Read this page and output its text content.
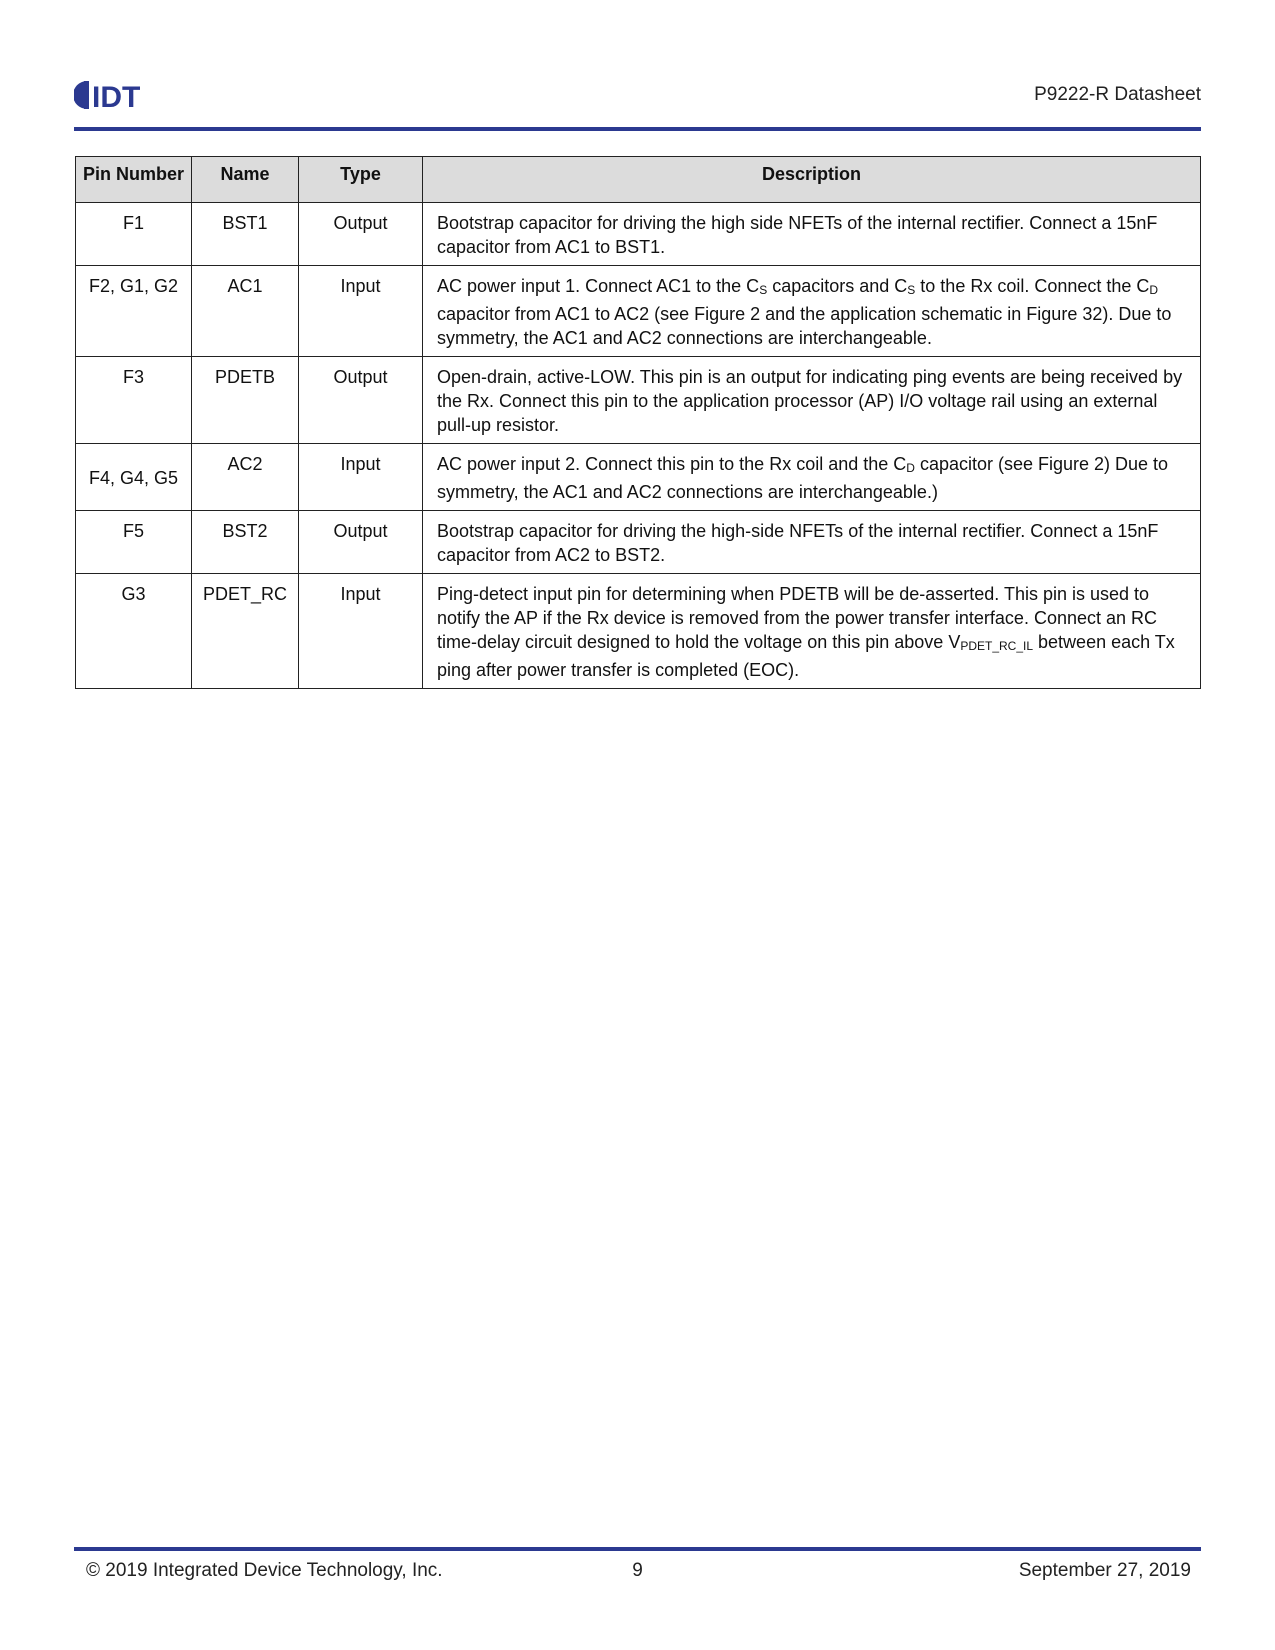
IDT	P9222-R Datasheet
Pin Number	Name	Type	Description
F1	BST1	Output	Bootstrap capacitor for driving the high side NFETs of the internal rectifier. Connect a 15nF capacitor from AC1 to BST1.
F2, G1, G2	AC1	Input	AC power input 1. Connect AC1 to the CS capacitors and CS to the Rx coil. Connect the CD capacitor from AC1 to AC2 (see Figure 2 and the application schematic in Figure 32). Due to symmetry, the AC1 and AC2 connections are interchangeable.
F3	PDETB	Output	Open-drain, active-LOW. This pin is an output for indicating ping events are being received by the Rx. Connect this pin to the application processor (AP) I/O voltage rail using an external pull-up resistor.
F4, G4, G5	AC2	Input	AC power input 2. Connect this pin to the Rx coil and the CD capacitor (see Figure 2) Due to symmetry, the AC1 and AC2 connections are interchangeable.)
F5	BST2	Output	Bootstrap capacitor for driving the high-side NFETs of the internal rectifier. Connect a 15nF capacitor from AC2 to BST2.
G3	PDET_RC	Input	Ping-detect input pin for determining when PDETB will be de-asserted. This pin is used to notify the AP if the Rx device is removed from the power transfer interface. Connect an RC time-delay circuit designed to hold the voltage on this pin above VPDET_RC_IL between each Tx ping after power transfer is completed (EOC).
© 2019 Integrated Device Technology, Inc.	9	September 27, 2019
